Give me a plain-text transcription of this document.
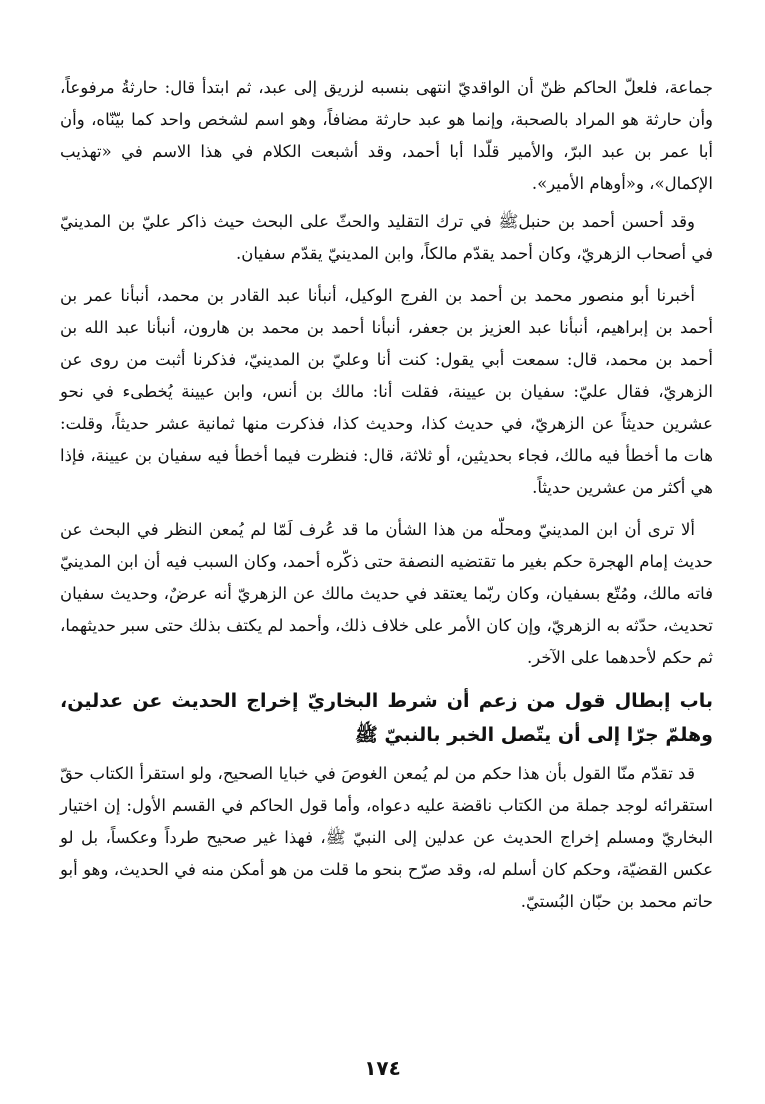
جماعة، فلعلّ الحاكم ظنّ أن الواقديّ انتهى بنسبه لزريق إلى عبد، ثم ابتدأ قال: حارثةُ مرفوعاً، وأن حارثة هو المراد بالصحبة، وإنما هو عبد حارثة مضافاً، وهو اسم لشخص واحد كما بيّنّاه، وأن أبا عمر بن عبد البرّ، والأمير قلّدا أبا أحمد، وقد أشبعت الكلام في هذا الاسم في «تهذيب الإكمال»، و«أوهام الأمير».

وقد أحسن أحمد بن حنبلﷺ في ترك التقليد والحثّ على البحث حيث ذاكر عليّ بن المدينيّ في أصحاب الزهريّ، وكان أحمد يقدّم مالكاً، وابن المدينيّ يقدّم سفيان.

أخبرنا أبو منصور محمد بن أحمد بن الفرج الوكيل، أنبأنا عبد القادر بن محمد، أنبأنا عمر بن أحمد بن إبراهيم، أنبأنا عبد العزيز بن جعفر، أنبأنا أحمد بن محمد بن هارون، أنبأنا عبد الله بن أحمد بن محمد، قال: سمعت أبي يقول: كنت أنا وعليّ بن المدينيّ، فذكرنا أثبت من روى عن الزهريّ، فقال عليّ: سفيان بن عيينة، فقلت أنا: مالك بن أنس، وابن عيينة يُخطىء في نحو عشرين حديثاً عن الزهريّ، في حديث كذا، وحديث كذا، فذكرت منها ثمانية عشر حديثاً، وقلت: هات ما أخطأ فيه مالك، فجاء بحديثين، أو ثلاثة، قال: فنظرت فيما أخطأ فيه سفيان بن عيينة، فإذا هي أكثر من عشرين حديثاً.

ألا ترى أن ابن المدينيّ ومحلّه من هذا الشأن ما قد عُرف لَمّا لم يُمعن النظر في البحث عن حديث إمام الهجرة حكم بغير ما تقتضيه النصفة حتى ذكّره أحمد، وكان السبب فيه أن ابن المدينيّ فاته مالك، ومُتّع بسفيان، وكان ربّما يعتقد في حديث مالك عن الزهريّ أنه عرضٌ، وحديث سفيان تحديث، حدّثه به الزهريّ، وإن كان الأمر على خلاف ذلك، وأحمد لم يكتف بذلك حتى سبر حديثهما، ثم حكم لأحدهما على الآخر.

باب إبطال قول من زعم أن شرط البخاريّ إخراج الحديث عن عدلين، وهلمّ جرّا إلى أن يتّصل الخبر بالنبيّ ﷺ

قد تقدّم منّا القول بأن هذا حكم من لم يُمعن الغوصَ في خبايا الصحيح، ولو استقرأ الكتاب حقّ استقرائه لوجد جملة من الكتاب ناقضة عليه دعواه، وأما قول الحاكم في القسم الأول: إن اختيار البخاريّ ومسلم إخراج الحديث عن عدلين إلى النبيّ ﷺ، فهذا غير صحيح طرداً وعكساً، بل لو عكس القضيّة، وحكم كان أسلم له، وقد صرّح بنحو ما قلت من هو أمكن منه في الحديث، وهو أبو حاتم محمد بن حبّان البُستيّ.

١٧٤
